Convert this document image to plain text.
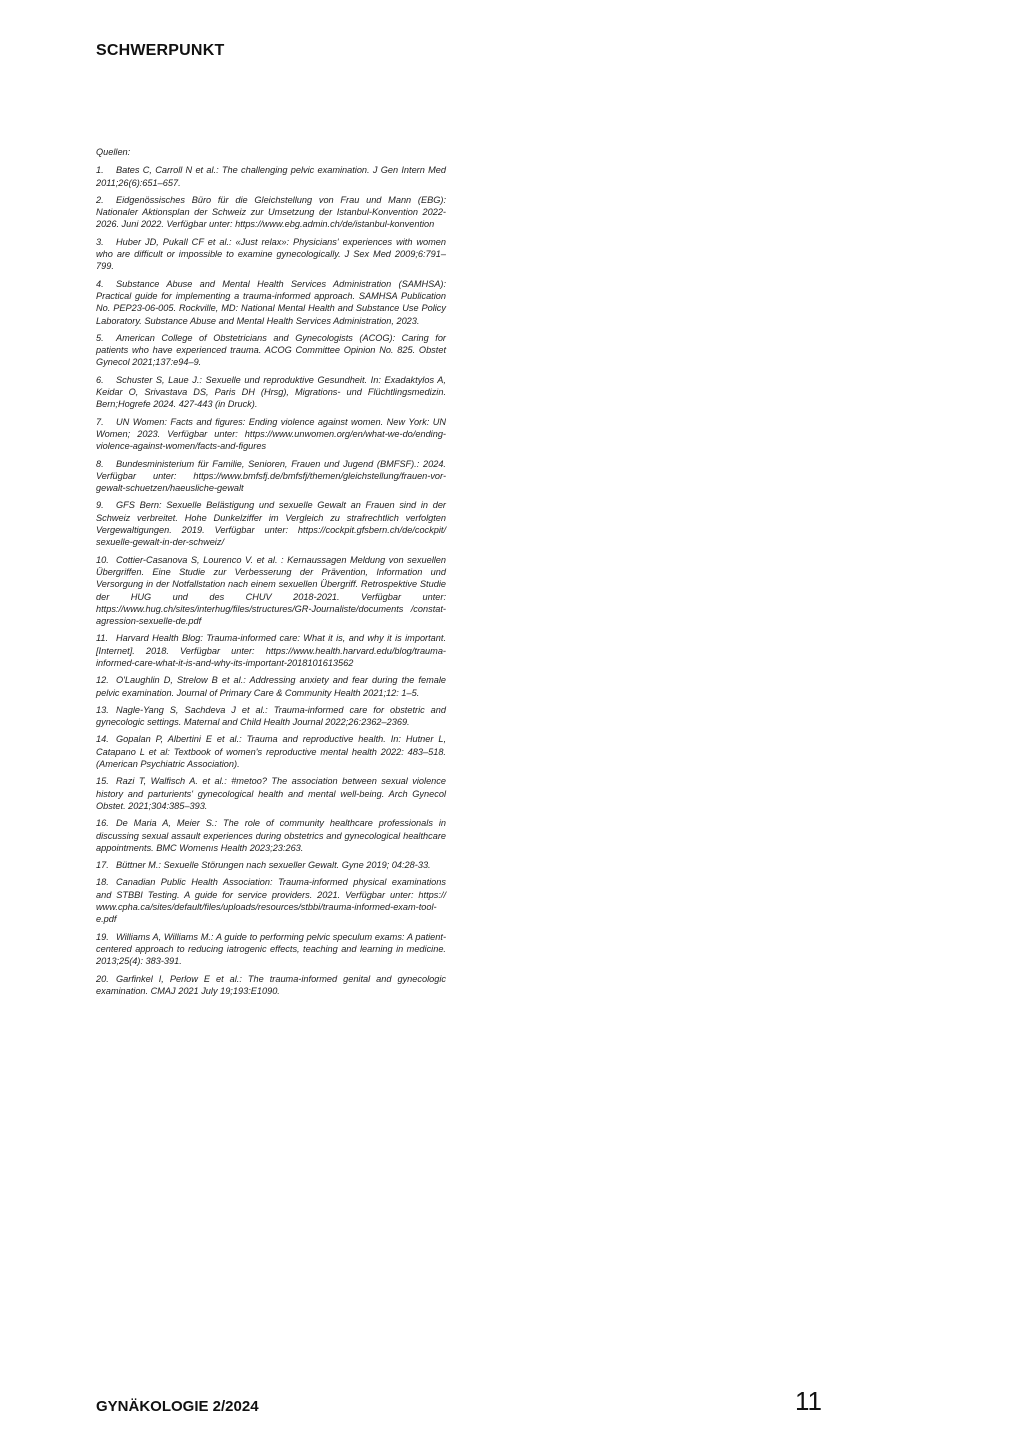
SCHWERPUNKT
Quellen:
1. Bates C, Carroll N et al.: The challenging pelvic examination. J Gen Intern Med 2011;26(6):651–657.
2. Eidgenössisches Büro für die Gleichstellung von Frau und Mann (EBG): Nationaler Aktionsplan der Schweiz zur Umsetzung der Istanbul-Konvention 2022-2026. Juni 2022. Verfügbar unter: https://www.ebg.admin.ch/de/istanbul-konvention
3. Huber JD, Pukall CF et al.: «Just relax»: Physicians' experiences with women who are difficult or impossible to examine gynecologically. J Sex Med 2009;6:791–799.
4. Substance Abuse and Mental Health Services Administration (SAMHSA): Practical guide for implementing a trauma-informed approach. SAMHSA Publication No. PEP23-06-005. Rockville, MD: National Mental Health and Substance Use Policy Laboratory. Substance Abuse and Mental Health Services Administration, 2023.
5. American College of Obstetricians and Gynecologists (ACOG): Caring for patients who have experienced trauma. ACOG Committee Opinion No. 825. Obstet Gynecol 2021;137:e94–9.
6. Schuster S, Laue J.: Sexuelle und reproduktive Gesundheit. In: Exadaktylos A, Keidar O, Srivastava DS, Paris DH (Hrsg), Migrations- und Flüchtlingsmedizin. Bern;Hogrefe 2024. 427-443 (in Druck).
7. UN Women: Facts and figures: Ending violence against women. New York: UN Women; 2023. Verfügbar unter: https://www.unwomen.org/en/what-we-do/ending-violence-against-women/facts-and-figures
8. Bundesministerium für Familie, Senioren, Frauen und Jugend (BMFSF).: 2024. Verfügbar unter: https://www.bmfsfj.de/bmfsfj/themen/gleichstellung/frauen-vor-gewalt-schuetzen/haeusliche-gewalt
9. GFS Bern: Sexuelle Belästigung und sexuelle Gewalt an Frauen sind in der Schweiz verbreitet. Hohe Dunkelziffer im Vergleich zu strafrechtlich verfolgten Vergewaltigungen. 2019. Verfügbar unter: https://cockpit.gfsbern.ch/de/cockpit/ sexuelle-gewalt-in-der-schweiz/
10. Cottier-Casanova S, Lourenco V. et al. : Kernaussagen Meldung von sexuellen Übergriffen. Eine Studie zur Verbesserung der Prävention, Information und Versorgung in der Notfallstation nach einem sexuellen Übergriff. Retrospektive Studie der HUG und des CHUV 2018-2021. Verfügbar unter: https://www.hug.ch/sites/interhug/files/structures/GR-Journaliste/documents /constat-agression-sexuelle-de.pdf
11. Harvard Health Blog: Trauma-informed care: What it is, and why it is important. [Internet]. 2018. Verfügbar unter: https://www.health.harvard.edu/blog/trauma-informed-care-what-it-is-and-why-its-important-2018101613562
12. O'Laughlin D, Strelow B et al.: Addressing anxiety and fear during the female pelvic examination. Journal of Primary Care & Community Health 2021;12: 1–5.
13. Nagle-Yang S, Sachdeva J et al.: Trauma-informed care for obstetric and gynecologic settings. Maternal and Child Health Journal 2022;26:2362–2369.
14. Gopalan P, Albertini E et al.: Trauma and reproductive health. In: Hutner L, Catapano L et al: Textbook of women's reproductive mental health 2022: 483–518. (American Psychiatric Association).
15. Razi T, Walfisch A. et al.: #metoo? The association between sexual violence history and parturients' gynecological health and mental well-being. Arch Gynecol Obstet. 2021;304:385–393.
16. De Maria A, Meier S.: The role of community healthcare professionals in discussing sexual assault experiences during obstetrics and gynecological healthcare appointments. BMC Womenıs Health 2023;23:263.
17. Büttner M.: Sexuelle Störungen nach sexueller Gewalt. Gyne 2019; 04:28-33.
18. Canadian Public Health Association: Trauma-informed physical examinations and STBBI Testing. A guide for service providers. 2021. Verfügbar unter: https:// www.cpha.ca/sites/default/files/uploads/resources/stbbi/trauma-informed-exam-tool-e.pdf
19. Williams A, Williams M.: A guide to performing pelvic speculum exams: A patient-centered approach to reducing iatrogenic effects, teaching and learning in medicine. 2013;25(4): 383-391.
20. Garfinkel I, Perlow E et al.: The trauma-informed genital and gynecologic examination. CMAJ 2021 July 19;193:E1090.
GYNÄKOLOGIE 2/2024	11
